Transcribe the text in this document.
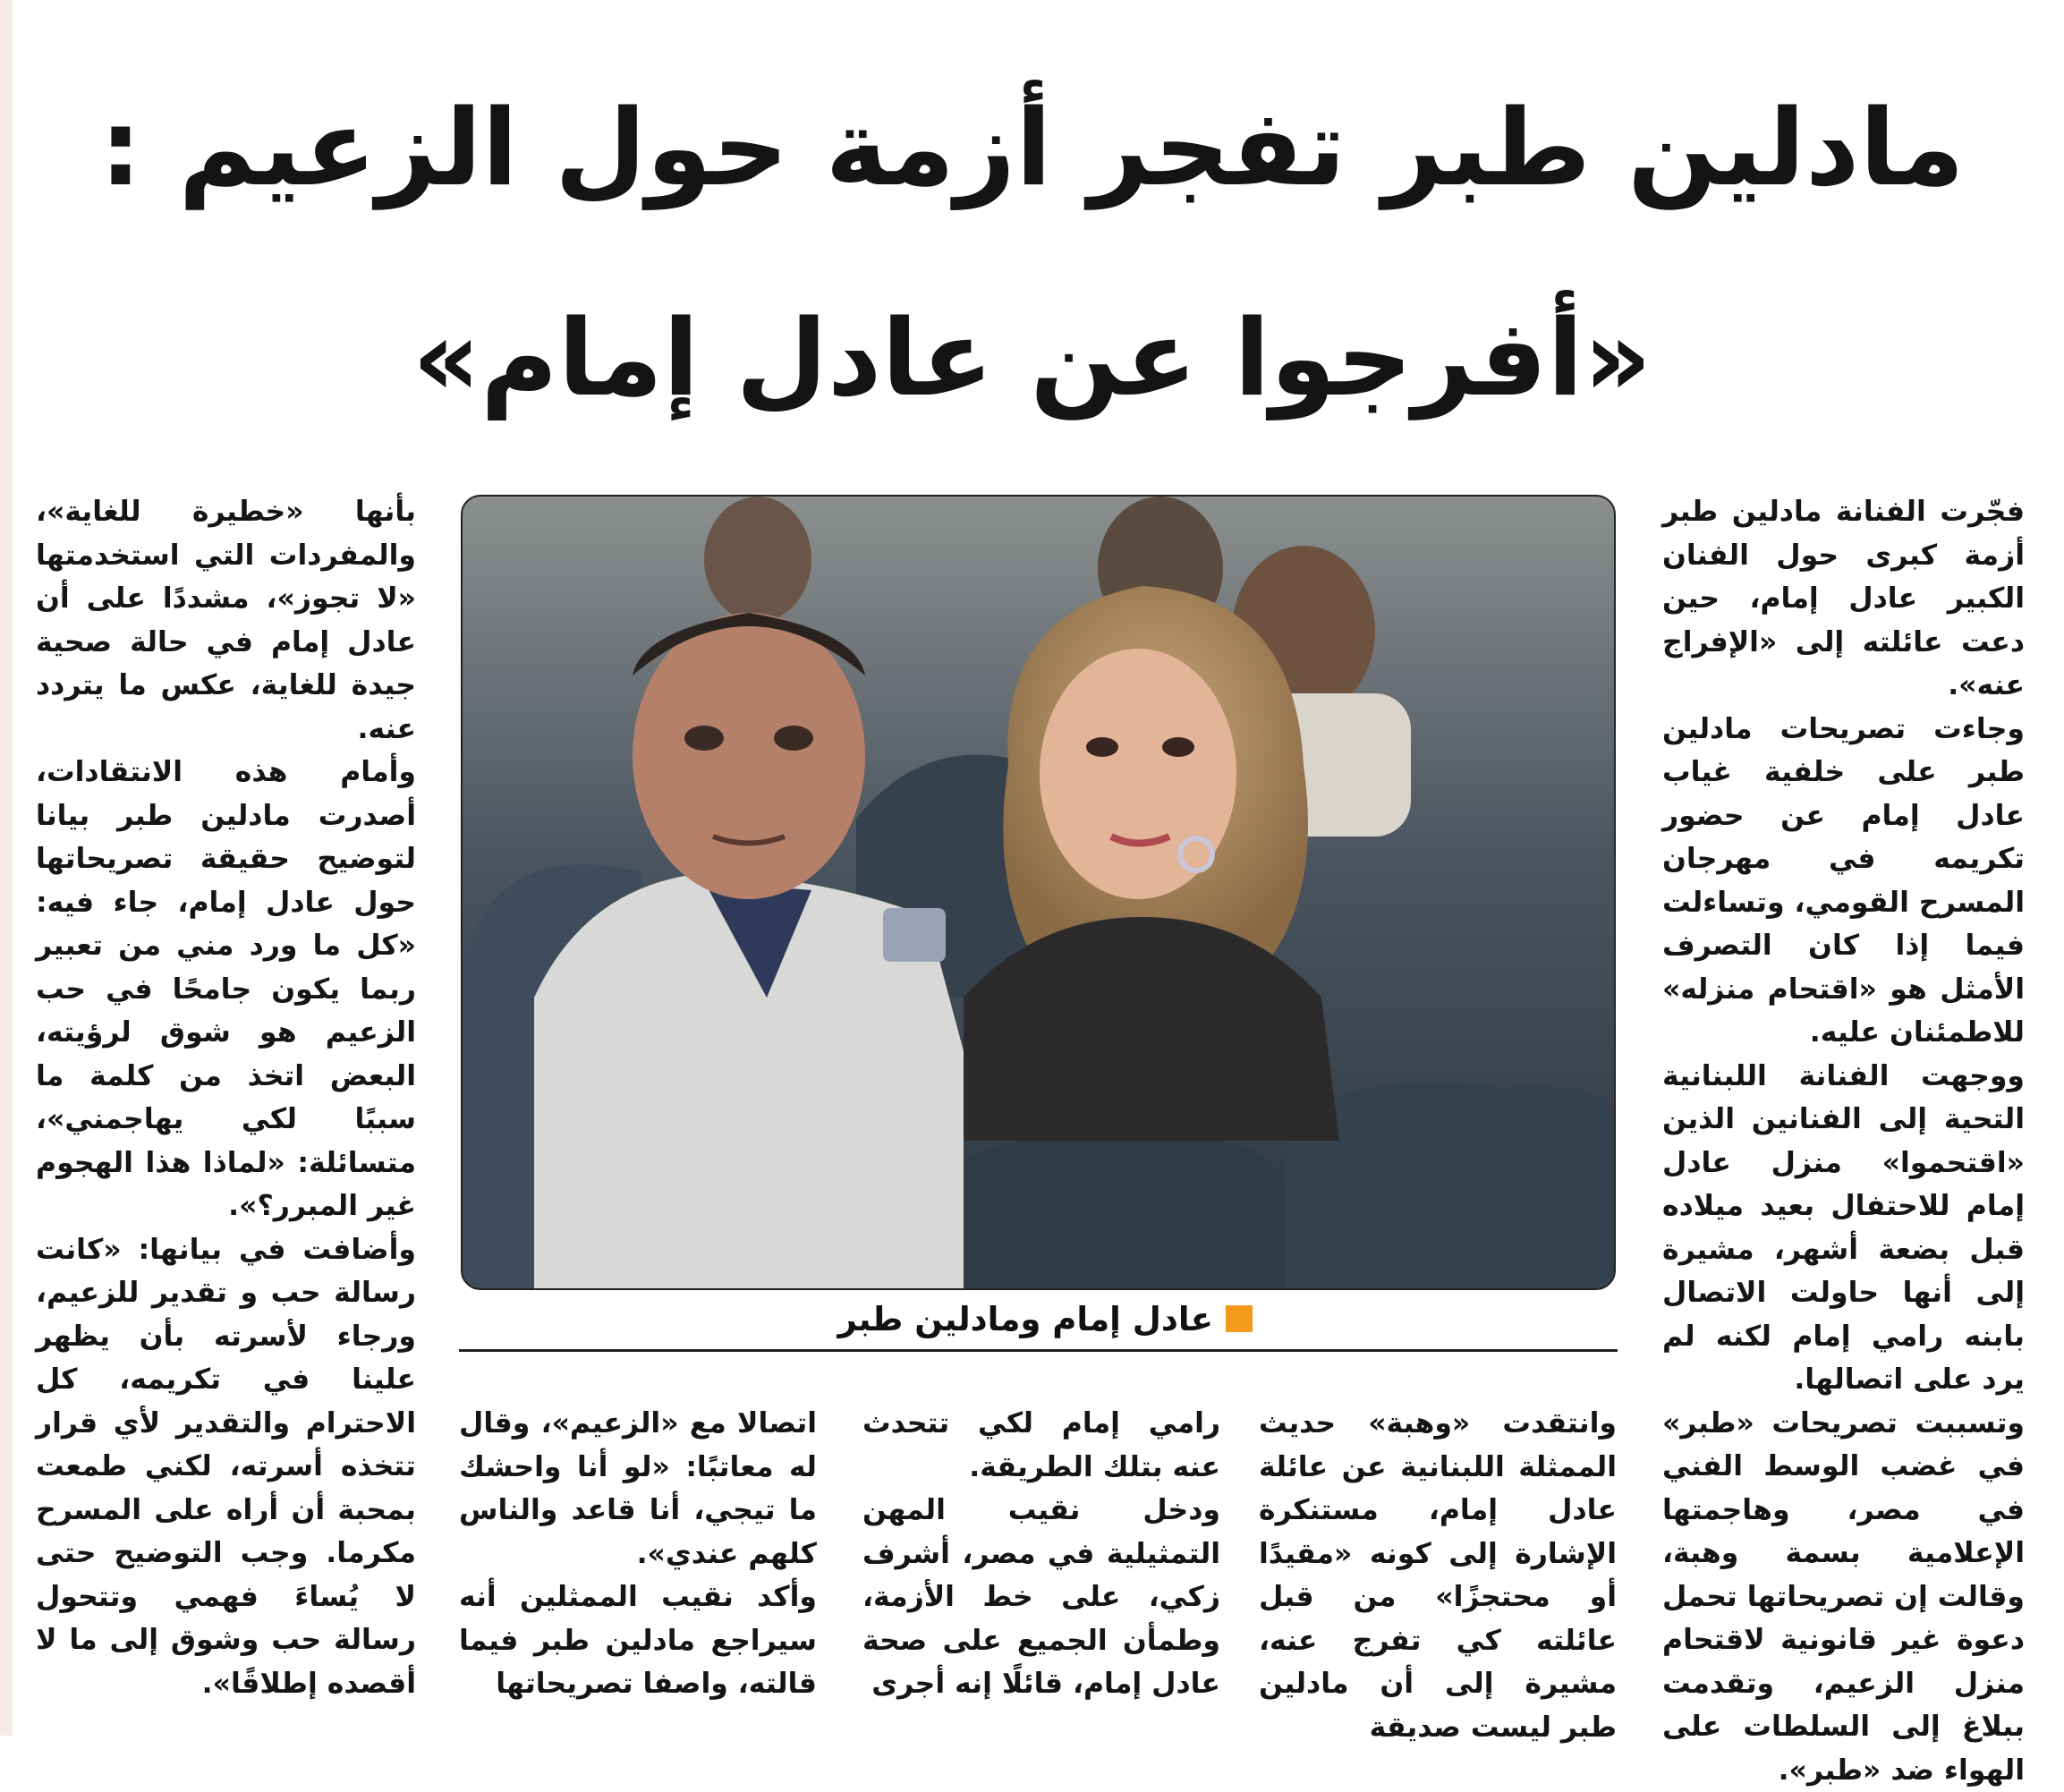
مادلين طبر تفجر أزمة حول الزعيم :
«أفرجوا عن عادل إمام»

فجّرت الفنانة مادلين طبر أزمة كبرى حول الفنان الكبير عادل إمام، حين دعت عائلته إلى «الإفراج عنه».

وجاءت تصريحات مادلين طبر على خلفية غياب عادل إمام عن حضور تكريمه في مهرجان المسرح القومي، وتساءلت فيما إذا كان التصرف الأمثل هو «اقتحام منزله» للاطمئنان عليه.

ووجهت الفنانة اللبنانية التحية إلى الفنانين الذين «اقتحموا» منزل عادل إمام للاحتفال بعيد ميلاده قبل بضعة أشهر، مشيرة إلى أنها حاولت الاتصال بابنه رامي إمام لكنه لم يرد على اتصالها.

وتسببت تصريحات «طبر» في غضب الوسط الفني في مصر، وهاجمتها الإعلامية بسمة وهبة، وقالت إن تصريحاتها تحمل دعوة غير قانونية لاقتحام منزل الزعيم، وتقدمت ببلاغ إلى السلطات على الهواء ضد «طبر».

عادل إمام ومادلين طبر

وانتقدت «وهبة» حديث الممثلة اللبنانية عن عائلة عادل إمام، مستنكرة الإشارة إلى كونه «مقيدًا أو محتجزًا» من قبل عائلته كي تفرج عنه، مشيرة إلى أن مادلين طبر ليست صديقة

رامي إمام لكي تتحدث عنه بتلك الطريقة.

ودخل نقيب المهن التمثيلية في مصر، أشرف زكي، على خط الأزمة، وطمأن الجميع على صحة عادل إمام، قائلًا إنه أجرى

اتصالا مع «الزعيم»، وقال له معاتبًا: «لو أنا واحشك ما تيجي، أنا قاعد والناس كلهم عندي».

وأكد نقيب الممثلين أنه سيراجع مادلين طبر فيما قالته، واصفا تصريحاتها

بأنها «خطيرة للغاية»، والمفردات التي استخدمتها «لا تجوز»، مشددًا على أن عادل إمام في حالة صحية جيدة للغاية، عكس ما يتردد عنه.

وأمام هذه الانتقادات، أصدرت مادلين طبر بيانا لتوضيح حقيقة تصريحاتها حول عادل إمام، جاء فيه: «كل ما ورد مني من تعبير ربما يكون جامحًا في حب الزعيم هو شوق لرؤيته، البعض اتخذ من كلمة ما سببًا لكي يهاجمني»، متسائلة: «لماذا هذا الهجوم غير المبرر؟».

وأضافت في بيانها: «كانت رسالة حب و تقدير للزعيم، ورجاء لأسرته بأن يظهر علينا في تكريمه، كل الاحترام والتقدير لأي قرار تتخذه أسرته، لكني طمعت بمحبة أن أراه على المسرح مكرما. وجب التوضيح حتى لا يُساءَ فهمي وتتحول رسالة حب وشوق إلى ما لا أقصده إطلاقًا».
